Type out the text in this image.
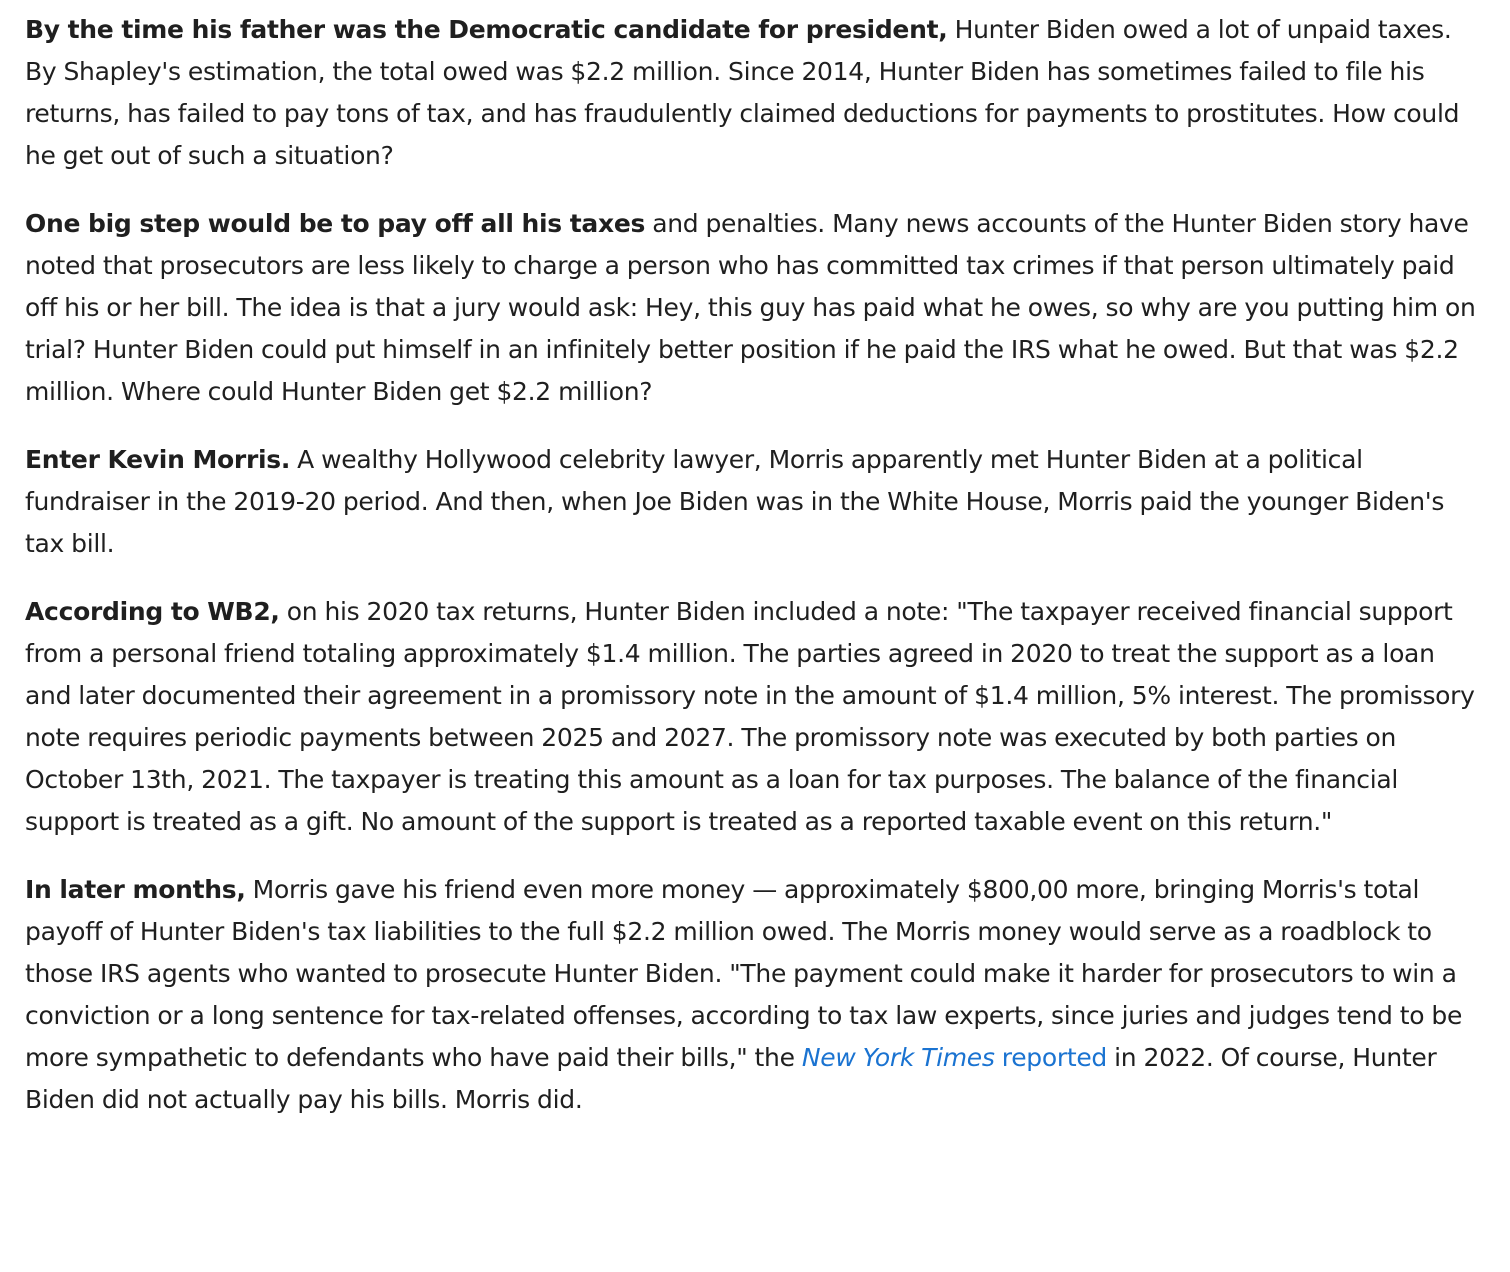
By the time his father was the Democratic candidate for president, Hunter Biden owed a lot of unpaid taxes. By Shapley's estimation, the total owed was $2.2 million. Since 2014, Hunter Biden has sometimes failed to file his returns, has failed to pay tons of tax, and has fraudulently claimed deductions for payments to prostitutes. How could he get out of such a situation?

One big step would be to pay off all his taxes and penalties. Many news accounts of the Hunter Biden story have noted that prosecutors are less likely to charge a person who has committed tax crimes if that person ultimately paid off his or her bill. The idea is that a jury would ask: Hey, this guy has paid what he owes, so why are you putting him on trial? Hunter Biden could put himself in an infinitely better position if he paid the IRS what he owed. But that was $2.2 million. Where could Hunter Biden get $2.2 million?

Enter Kevin Morris. A wealthy Hollywood celebrity lawyer, Morris apparently met Hunter Biden at a political fundraiser in the 2019-20 period. And then, when Joe Biden was in the White House, Morris paid the younger Biden's tax bill.

According to WB2, on his 2020 tax returns, Hunter Biden included a note: "The taxpayer received financial support from a personal friend totaling approximately $1.4 million. The parties agreed in 2020 to treat the support as a loan and later documented their agreement in a promissory note in the amount of $1.4 million, 5% interest. The promissory note requires periodic payments between 2025 and 2027. The promissory note was executed by both parties on October 13th, 2021. The taxpayer is treating this amount as a loan for tax purposes. The balance of the financial support is treated as a gift. No amount of the support is treated as a reported taxable event on this return."

In later months, Morris gave his friend even more money — approximately $800,00 more, bringing Morris's total payoff of Hunter Biden's tax liabilities to the full $2.2 million owed. The Morris money would serve as a roadblock to those IRS agents who wanted to prosecute Hunter Biden. "The payment could make it harder for prosecutors to win a conviction or a long sentence for tax-related offenses, according to tax law experts, since juries and judges tend to be more sympathetic to defendants who have paid their bills," the New York Times reported in 2022. Of course, Hunter Biden did not actually pay his bills. Morris did.
